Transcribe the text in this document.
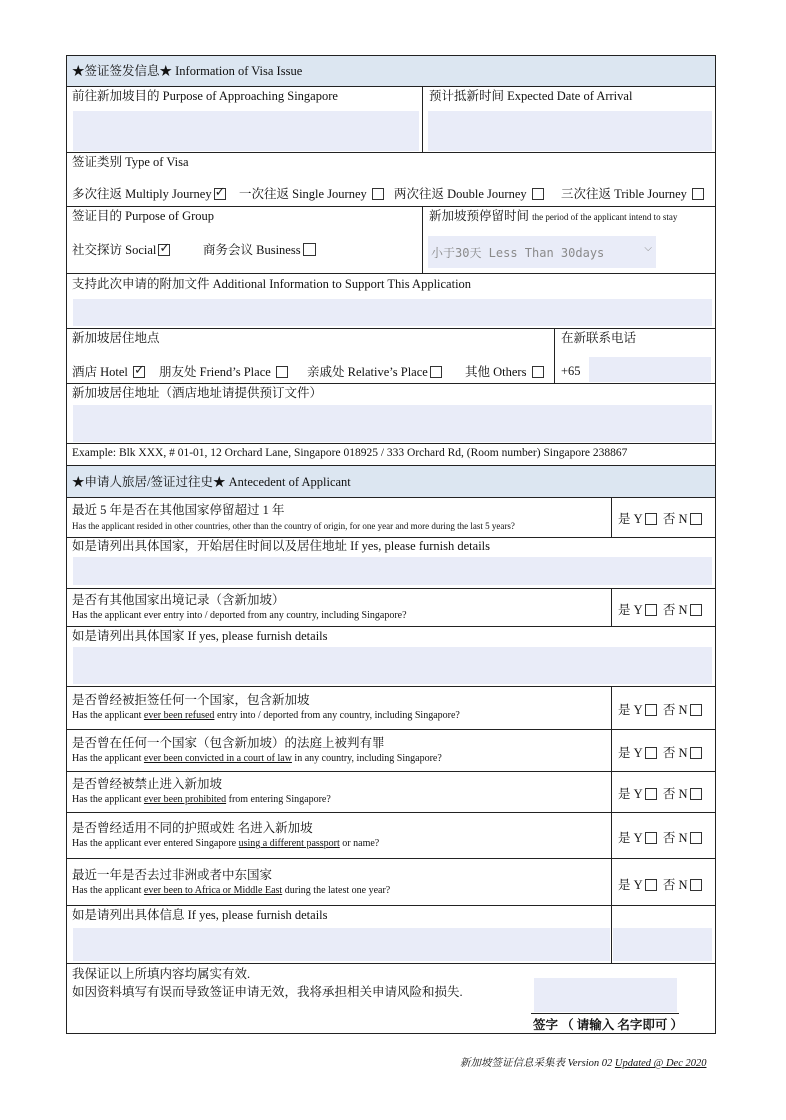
★签证签发信息★ Information of Visa Issue
前往新加坡目的 Purpose of Approaching Singapore	预计抵新时间 Expected Date of Arrival
签证类别 Type of Visa
多次往返 Multiply Journey ✓	一次往返 Single Journey	两次往返 Double Journey	三次往返 Trible Journey
签证目的 Purpose of Group
社交探访 Social ✓	商务会议 Business
新加坡预停留时间 the period of the applicant intend to stay
小于30天 Less Than 30days	⌵
支持此次申请的附加文件 Additional Information to Support This Application
新加坡居住地点
酒店 Hotel ✓	朋友处 Friend’s Place	亲戚处 Relative’s Place	其他 Others
在新联系电话
+65
新加坡居住地址（酒店地址请提供预订文件）
Example: Blk XXX, # 01-01, 12 Orchard Lane, Singapore 018925 / 333 Orchard Rd, (Room number) Singapore 238867
★申请人旅居/签证过往史★ Antecedent of Applicant
最近 5 年是否在其他国家停留超过 1 年
Has the applicant resided in other countries, other than the country of origin, for one year and more during the last 5 years?	是 Y 否 N
如是请列出具体国家，开始居住时间以及居住地址 If yes, please furnish details
是否有其他国家出境记录（含新加坡）
Has the applicant ever entry into / deported from any country, including Singapore?	是 Y 否 N
如是请列出具体国家 If yes, please furnish details
是否曾经被拒签任何一个国家，包含新加坡
Has the applicant ever been refused entry into / deported from any country, including Singapore?	是 Y 否 N
是否曾在任何一个国家（包含新加坡）的法庭上被判有罪
Has the applicant ever been convicted in a court of law in any country, including Singapore?	是 Y 否 N
是否曾经被禁止进入新加坡
Has the applicant ever been prohibited from entering Singapore?	是 Y 否 N
是否曾经适用不同的护照或姓 名进入新加坡
Has the applicant ever entered Singapore using a different passport or name?	是 Y 否 N
最近一年是否去过非洲或者中东国家
Has the applicant ever been to Africa or Middle East during the latest one year?	是 Y 否 N
如是请列出具体信息 If yes, please furnish details
我保证以上所填内容均属实有效.
如因资料填写有误而导致签证申请无效，我将承担相关申请风险和损失.
签字 （ 请输入 名字即可 ）
新加坡签证信息采集表 Version 02 Updated @ Dec 2020
